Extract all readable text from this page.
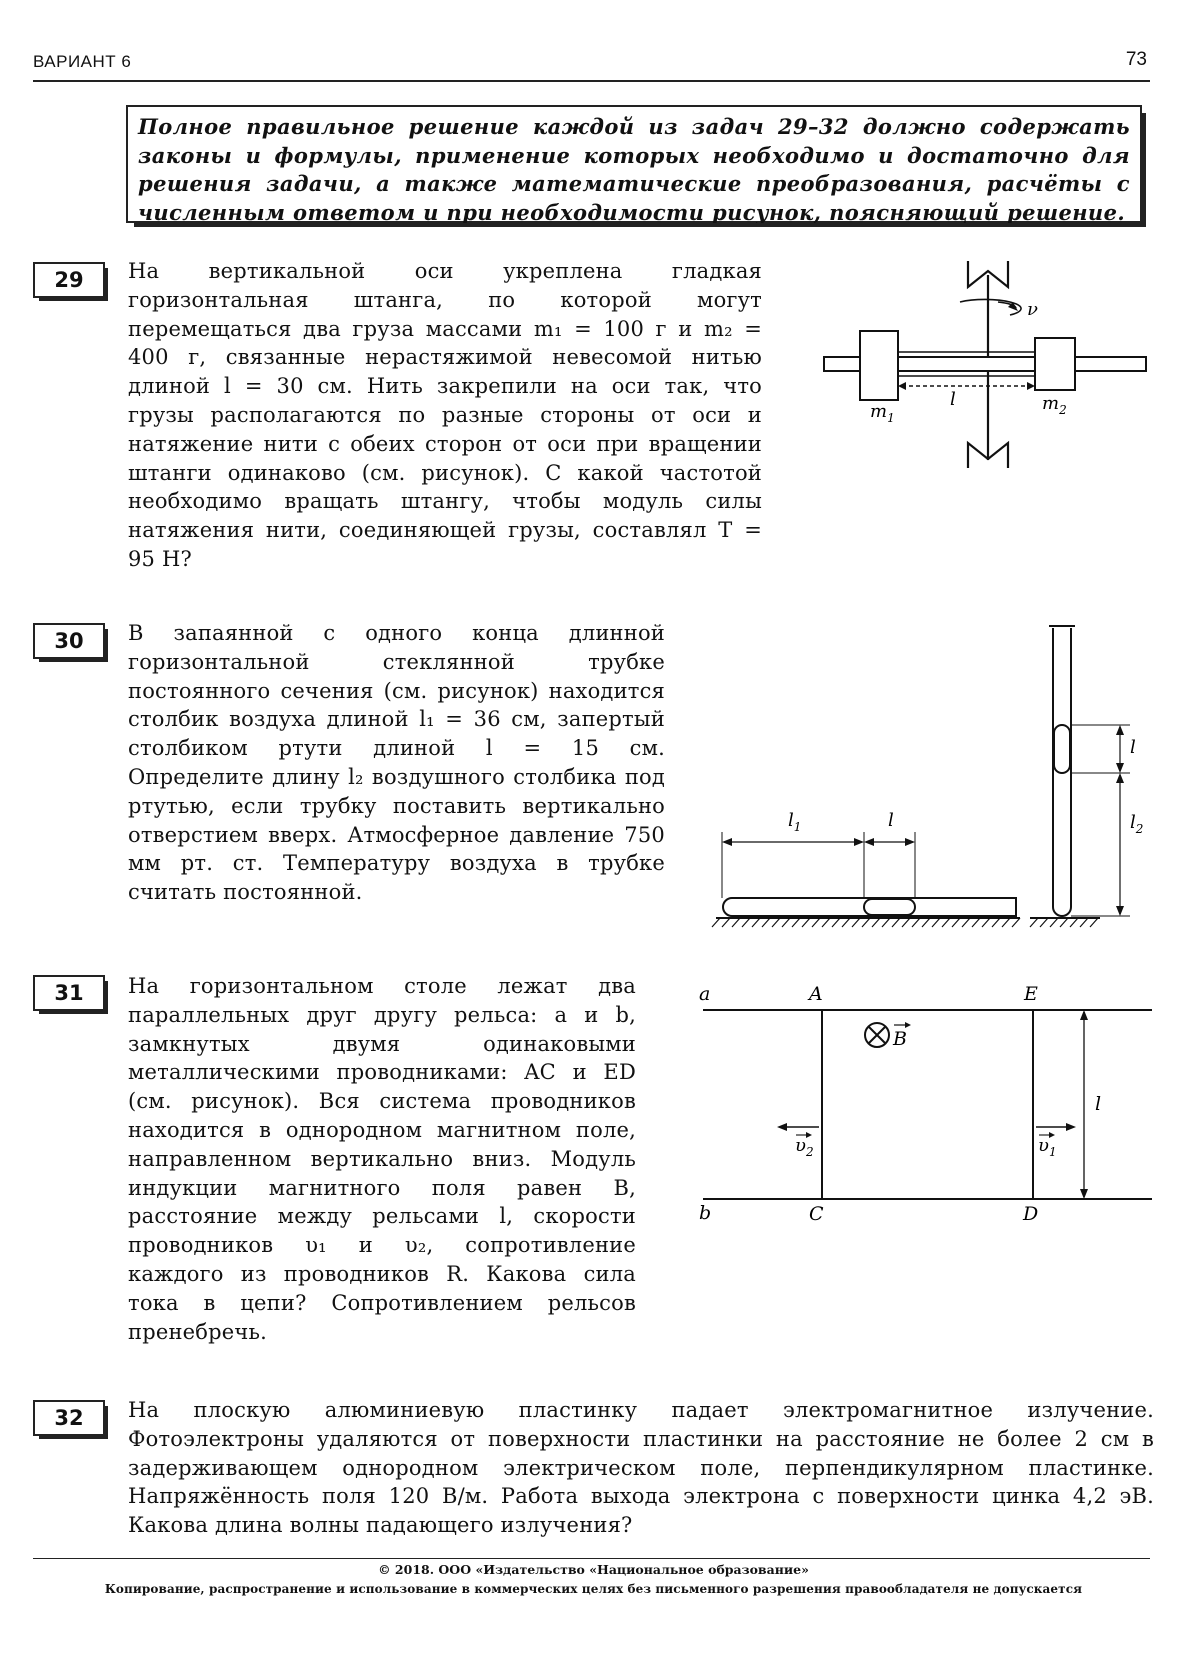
ВАРИАНТ 6	73
Полное правильное решение каждой из задач 29–32 должно содержать законы и формулы, применение которых необходимо и достаточно для решения задачи, а также математические преобразования, расчёты с численным ответом и при необходимости рисунок, поясняющий решение.
29	На вертикальной оси укреплена гладкая горизонтальная штанга, по которой могут перемещаться два груза массами m₁ = 100 г и m₂ = 400 г, связанные нерастяжимой невесомой нитью длиной l = 30 см. Нить закрепили на оси так, что грузы располагаются по разные стороны от оси и натяжение нити с обеих сторон от оси при вращении штанги одинаково (см. рисунок). С какой частотой необходимо вращать штангу, чтобы модуль силы натяжения нити, соединяющей грузы, составлял T = 95 Н?

ν
l
$m_1$
$m_2$
30	В запаянной с одного конца длинной горизонтальной стеклянной трубке постоянного сечения (см. рисунок) находится столбик воздуха длиной l₁ = 36 см, запертый столбиком ртути длиной l = 15 см. Определите длину l₂ воздушного столбика под ртутью, если трубку поставить вертикально отверстием вверх. Атмосферное давление 750 мм рт. ст. Температуру воздуха в трубке считать постоянной.

$l_1$	l
l
$l_2$
31	На горизонтальном столе лежат два параллельных друг другу рельса: a и b, замкнутых двумя одинаковыми металлическими проводниками: AC и ED (см. рисунок). Вся система проводников находится в однородном магнитном поле, направленном вертикально вниз. Модуль индукции магнитного поля равен B, расстояние между рельсами l, скорости проводников υ₁ и υ₂, сопротивление каждого из проводников R. Какова сила тока в цепи? Сопротивлением рельсов пренебречь.

a
b
A	E
C	D
B
l
$\upsilon_2$	$\upsilon_1$
32	На плоскую алюминиевую пластинку падает электромагнитное излучение. Фотоэлектроны удаляются от поверхности пластинки на расстояние не более 2 см в задерживающем однородном электрическом поле, перпендикулярном пластинке. Напряжённость поля 120 В/м. Работа выхода электрона с поверхности цинка 4,2 эВ. Какова длина волны падающего излучения?

© 2018. ООО «Издательство «Национальное образование»
Копирование, распространение и использование в коммерческих целях без письменного разрешения правообладателя не допускается
